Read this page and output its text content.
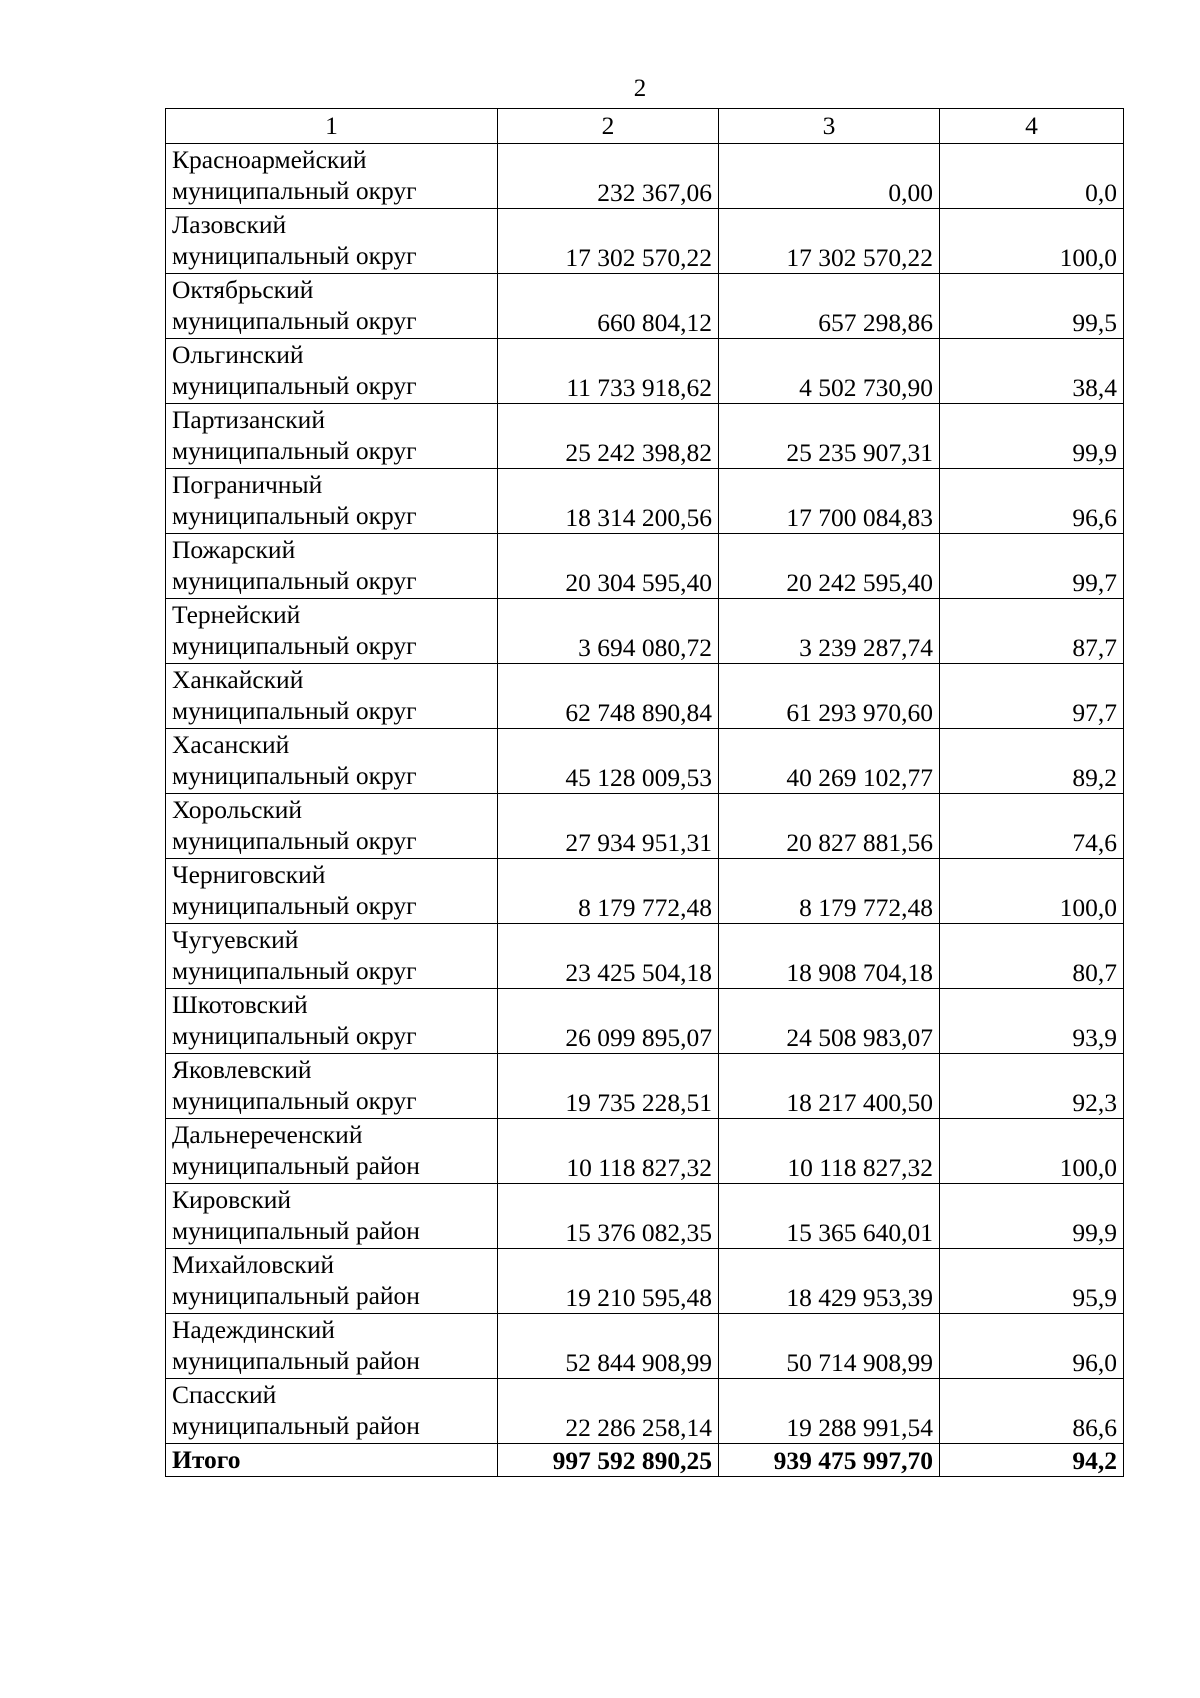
2
1	2	3	4
Красноармейский
муниципальный округ	232 367,06	0,00	0,0
Лазовский
муниципальный округ	17 302 570,22	17 302 570,22	100,0
Октябрьский
муниципальный округ	660 804,12	657 298,86	99,5
Ольгинский
муниципальный округ	11 733 918,62	4 502 730,90	38,4
Партизанский
муниципальный округ	25 242 398,82	25 235 907,31	99,9
Пограничный
муниципальный округ	18 314 200,56	17 700 084,83	96,6
Пожарский
муниципальный округ	20 304 595,40	20 242 595,40	99,7
Тернейский
муниципальный округ	3 694 080,72	3 239 287,74	87,7
Ханкайский
муниципальный округ	62 748 890,84	61 293 970,60	97,7
Хасанский
муниципальный округ	45 128 009,53	40 269 102,77	89,2
Хорольский
муниципальный округ	27 934 951,31	20 827 881,56	74,6
Черниговский
муниципальный округ	8 179 772,48	8 179 772,48	100,0
Чугуевский
муниципальный округ	23 425 504,18	18 908 704,18	80,7
Шкотовский
муниципальный округ	26 099 895,07	24 508 983,07	93,9
Яковлевский
муниципальный округ	19 735 228,51	18 217 400,50	92,3
Дальнереченский
муниципальный район	10 118 827,32	10 118 827,32	100,0
Кировский
муниципальный район	15 376 082,35	15 365 640,01	99,9
Михайловский
муниципальный район	19 210 595,48	18 429 953,39	95,9
Надеждинский
муниципальный район	52 844 908,99	50 714 908,99	96,0
Спасский
муниципальный район	22 286 258,14	19 288 991,54	86,6
Итого	997 592 890,25	939 475 997,70	94,2
